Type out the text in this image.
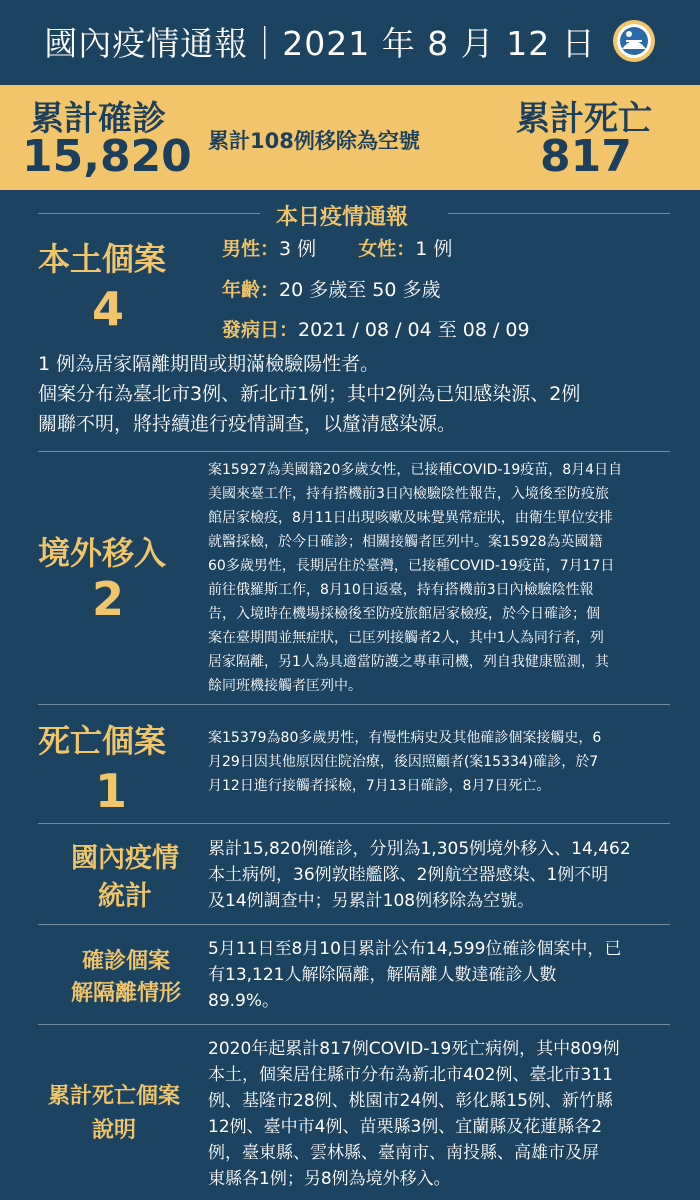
國內疫情通報｜2021 年 8 月 12 日
累計確診
15,820 累計108例移除為空號
累計死亡
817
本日疫情通報
本土個案
4
男性：3 例 女性：1 例
年齡：20 多歲至 50 多歲
發病日：2021 / 08 / 04 至 08 / 09
1 例為居家隔離期間或期滿檢驗陽性者。
個案分布為臺北市3例、新北市1例；其中2例為已知感染源、2例
關聯不明，將持續進行疫情調查，以釐清感染源。
境外移入
2
案15927為美國籍20多歲女性，已接種COVID-19疫苗，8月4日自
美國來臺工作，持有搭機前3日內檢驗陰性報告，入境後至防疫旅
館居家檢疫，8月11日出現咳嗽及味覺異常症狀，由衛生單位安排
就醫採檢，於今日確診；相關接觸者匡列中。案15928為英國籍
60多歲男性，長期居住於臺灣，已接種COVID-19疫苗，7月17日
前往俄羅斯工作，8月10日返臺，持有搭機前3日內檢驗陰性報
告，入境時在機場採檢後至防疫旅館居家檢疫，於今日確診；個
案在臺期間並無症狀，已匡列接觸者2人，其中1人為同行者，列
居家隔離，另1人為具適當防護之專車司機，列自我健康監測，其
餘同班機接觸者匡列中。
死亡個案
1
案15379為80多歲男性，有慢性病史及其他確診個案接觸史，6
月29日因其他原因住院治療，後因照顧者(案15334)確診，於7
月12日進行接觸者採檢，7月13日確診，8月7日死亡。
國內疫情
統計
累計15,820例確診，分別為1,305例境外移入、14,462
本土病例，36例敦睦艦隊、2例航空器感染、1例不明
及14例調查中；另累計108例移除為空號。
確診個案
解隔離情形
5月11日至8月10日累計公布14,599位確診個案中，已
有13,121人解除隔離，解隔離人數達確診人數
89.9%。
累計死亡個案
說明
2020年起累計817例COVID-19死亡病例，其中809例
本土，個案居住縣市分布為新北市402例、臺北市311
例、基隆市28例、桃園市24例、彰化縣15例、新竹縣
12例、臺中市4例、苗栗縣3例、宜蘭縣及花蓮縣各2
例，臺東縣、雲林縣、臺南市、南投縣、高雄市及屏
東縣各1例；另8例為境外移入。
